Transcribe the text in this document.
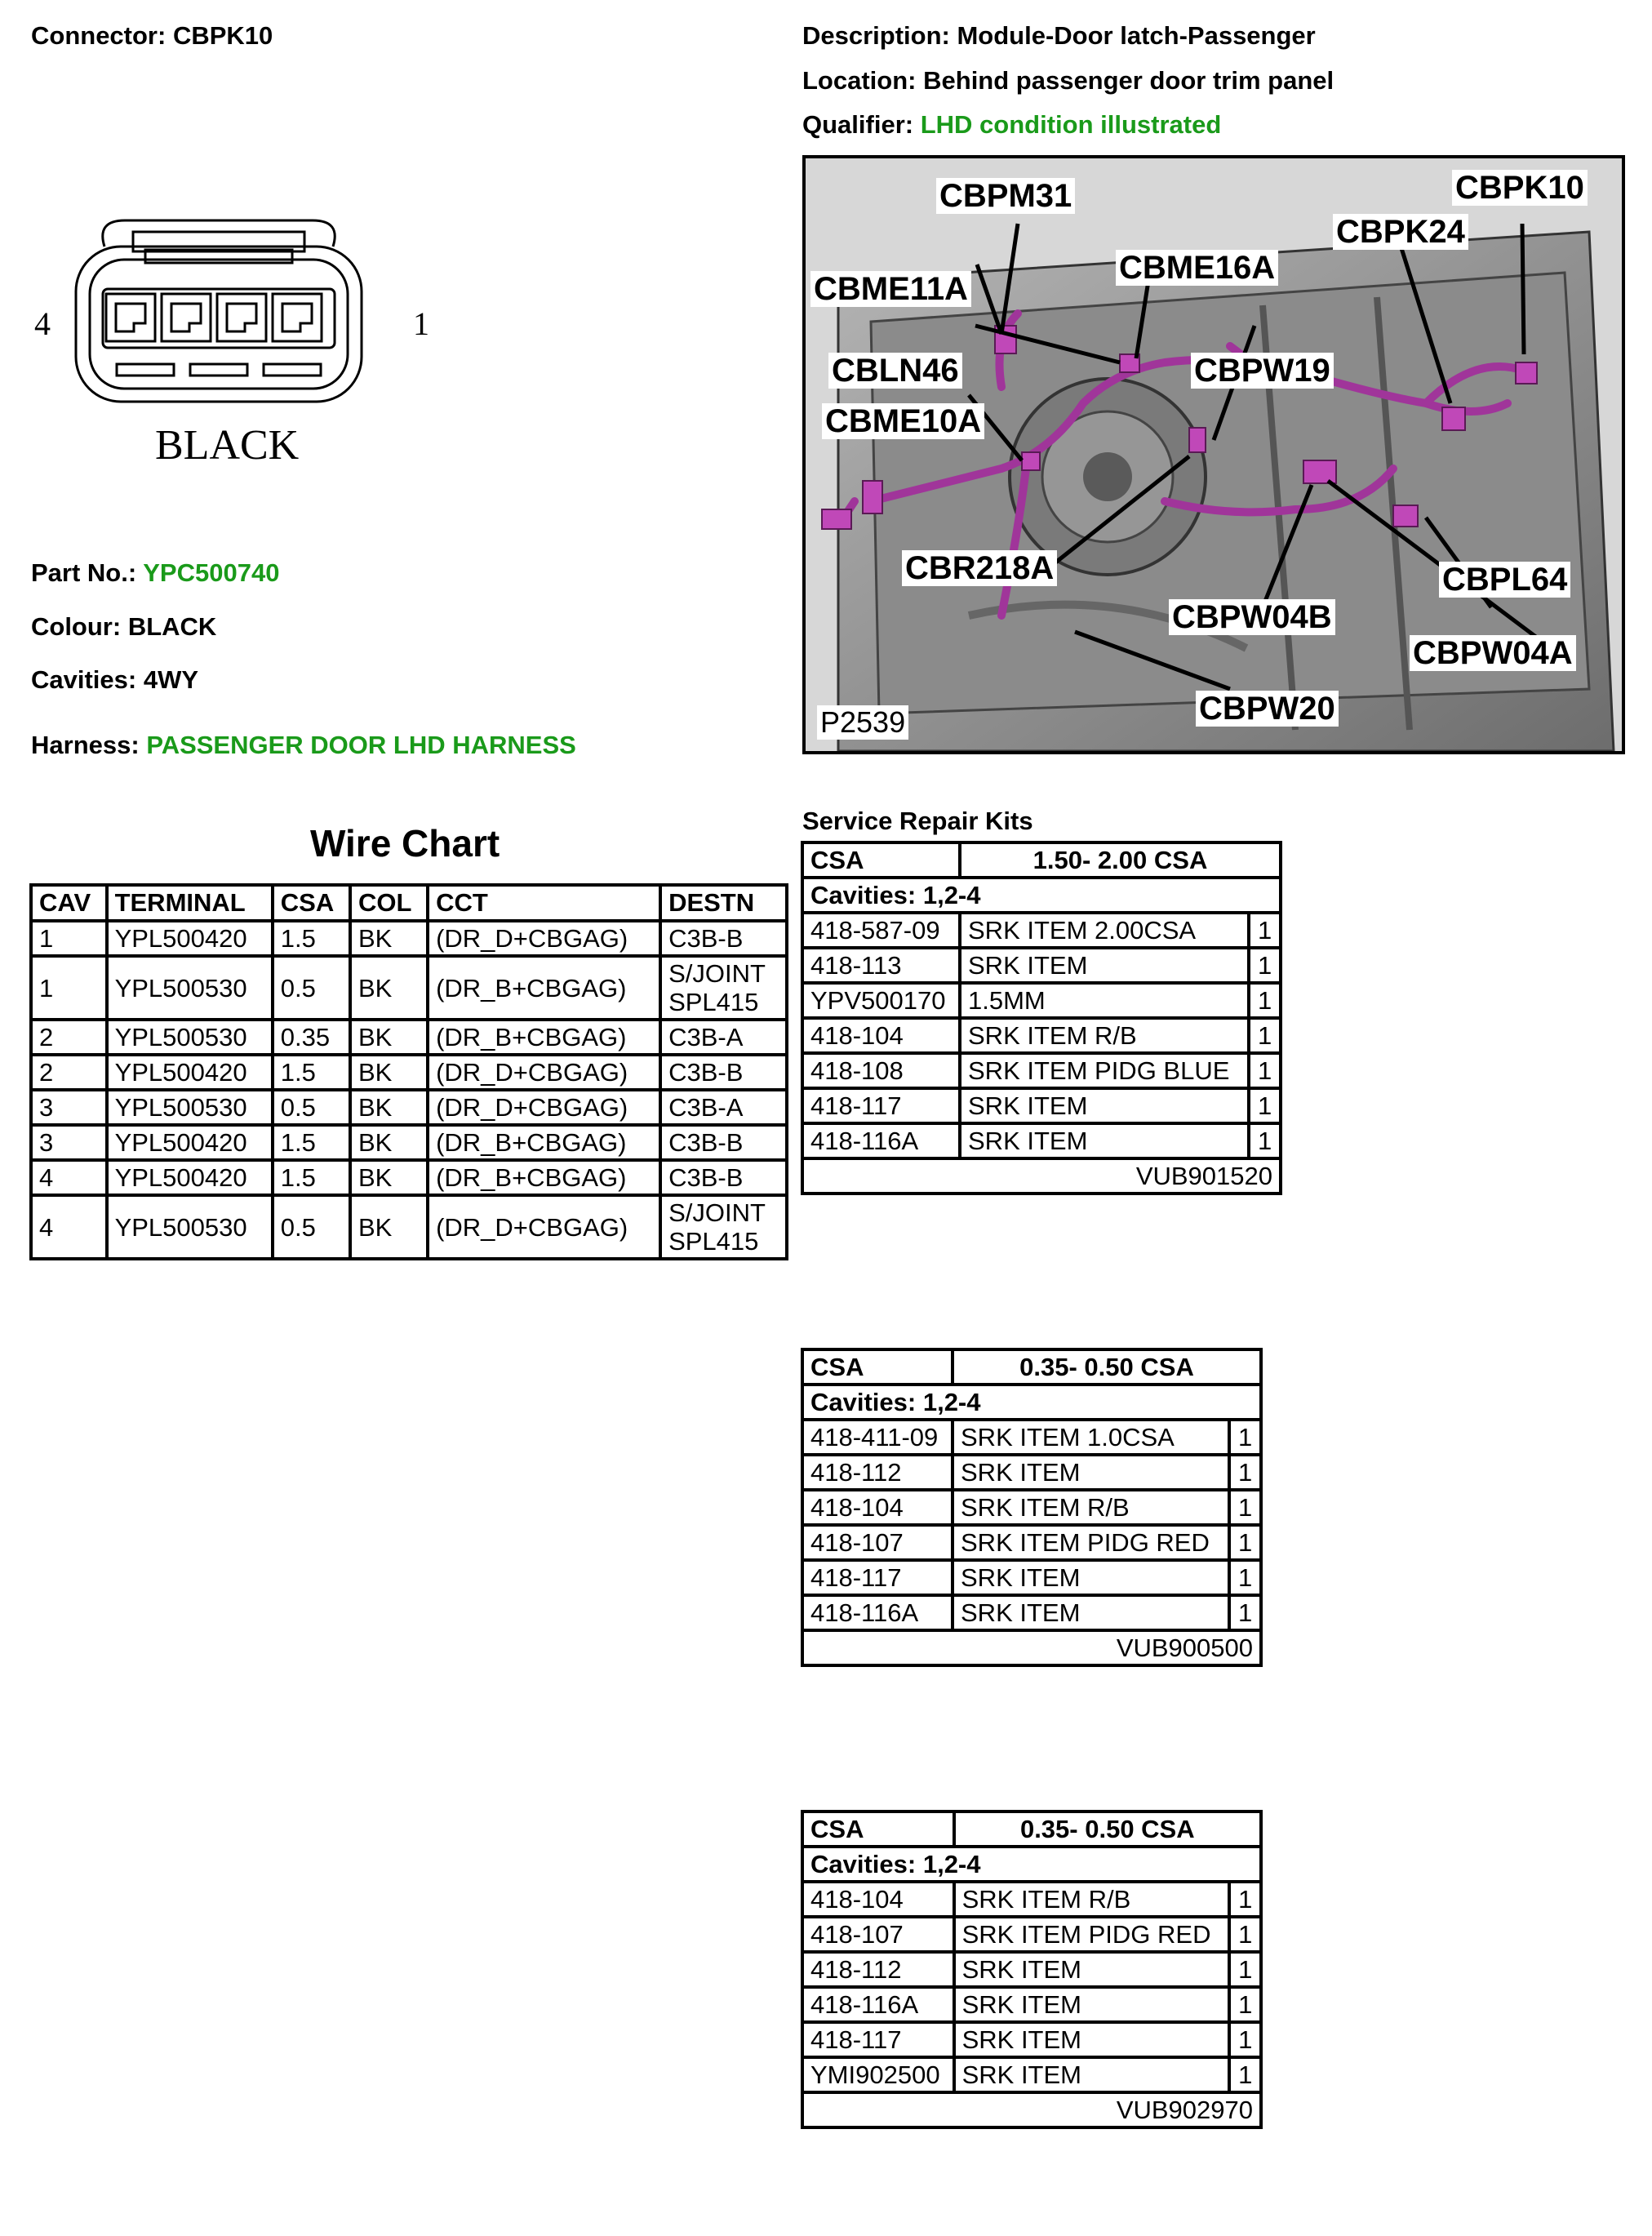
Connector: CBPK10	Description: Module-Door latch-Passenger
Location: Behind passenger door trim panel
Qualifier: LHD condition illustrated
4	1
BLACK
Part No.: YPC500740
Colour: BLACK
Cavities: 4WY
Harness: PASSENGER DOOR LHD HARNESS
CBPK10
CBPK24
CBPM31
CBME16A
CBME11A
CBLN46	CBPW19
CBME10A
CBR218A
CBPW04B
CBPL64
CBPW04A
CBPW20
P2539
Wire Chart
CAV	TERMINAL	CSA	COL	CCT	DESTN
1	YPL500420	1.5	BK	(DR_D+CBGAG)	C3B-B

1	YPL500530	0.5	BK	(DR_B+CBGAG)	S/JOINT
SPL415

2	YPL500530	0.35	BK	(DR_B+CBGAG)	C3B-A

2	YPL500420	1.5	BK	(DR_D+CBGAG)	C3B-B

3	YPL500530	0.5	BK	(DR_D+CBGAG)	C3B-A

3	YPL500420	1.5	BK	(DR_B+CBGAG)	C3B-B

4	YPL500420	1.5	BK	(DR_B+CBGAG)	C3B-B

4	YPL500530	0.5	BK	(DR_D+CBGAG)	S/JOINT
SPL415
Service Repair Kits
CSA	1.50- 2.00 CSA	
Cavities: 1,2-4		
418-587-09	SRK ITEM 2.00CSA	1
418-113	SRK ITEM	1
YPV500170	1.5MM	1
418-104	SRK ITEM R/B	1
418-108	SRK ITEM PIDG BLUE	1
418-117	SRK ITEM	1
418-116A	SRK ITEM	1
VUB901520		
CSA	0.35- 0.50 CSA	
Cavities: 1,2-4		
418-411-09	SRK ITEM 1.0CSA	1
418-112	SRK ITEM	1
418-104	SRK ITEM R/B	1
418-107	SRK ITEM PIDG RED	1
418-117	SRK ITEM	1
418-116A	SRK ITEM	1
VUB900500		
CSA	0.35- 0.50 CSA	
Cavities: 1,2-4		
418-104	SRK ITEM R/B	1
418-107	SRK ITEM PIDG RED	1
418-112	SRK ITEM	1
418-116A	SRK ITEM	1
418-117	SRK ITEM	1
YMI902500	SRK ITEM	1
VUB902970		
